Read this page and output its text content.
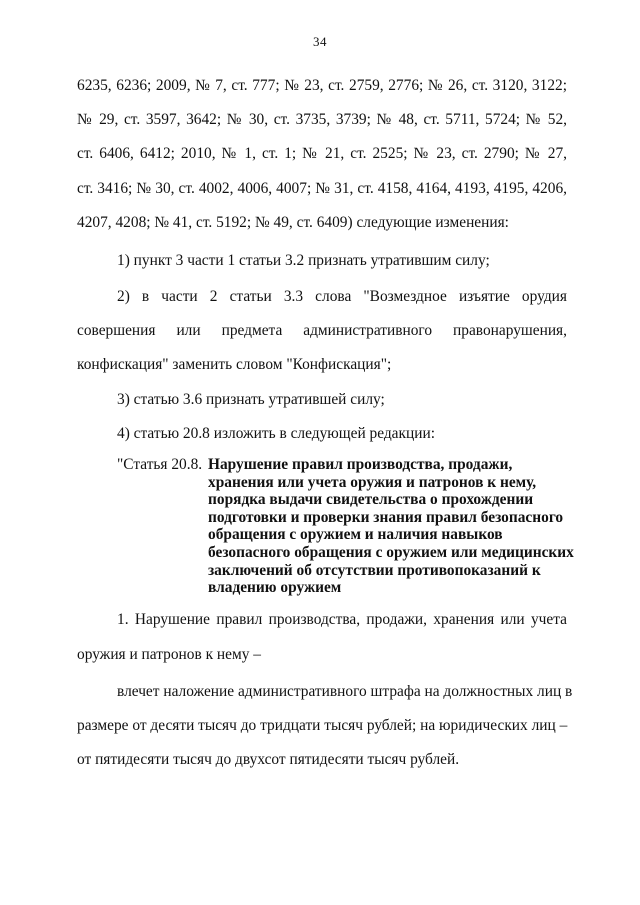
34
6235, 6236; 2009, № 7, ст. 777; № 23, ст. 2759, 2776; № 26, ст. 3120, 3122;
№ 29, ст. 3597, 3642; № 30, ст. 3735, 3739; № 48, ст. 5711, 5724; № 52,
ст. 6406, 6412; 2010, № 1, ст. 1; № 21, ст. 2525; № 23, ст. 2790; № 27,
ст. 3416; № 30, ст. 4002, 4006, 4007; № 31, ст. 4158, 4164, 4193, 4195, 4206,
4207, 4208; № 41, ст. 5192; № 49, ст. 6409) следующие изменения:
1) пункт 3 части 1 статьи 3.2 признать утратившим силу;
2) в части 2 статьи 3.3 слова "Возмездное изъятие орудия
совершения или предмета административного правонарушения,
конфискация" заменить словом "Конфискация";
3) статью 3.6 признать утратившей силу;
4) статью 20.8 изложить в следующей редакции:
"Статья 20.8. Нарушение правил производства, продажи,
хранения или учета оружия и патронов к нему,
порядка выдачи свидетельства о прохождении
подготовки и проверки знания правил безопасного
обращения с оружием и наличия навыков
безопасного обращения с оружием или медицинских
заключений об отсутствии противопоказаний к
владению оружием
1. Нарушение правил производства, продажи, хранения или учета
оружия и патронов к нему –
влечет наложение административного штрафа на должностных лиц в
размере от десяти тысяч до тридцати тысяч рублей; на юридических лиц –
от пятидесяти тысяч до двухсот пятидесяти тысяч рублей.
